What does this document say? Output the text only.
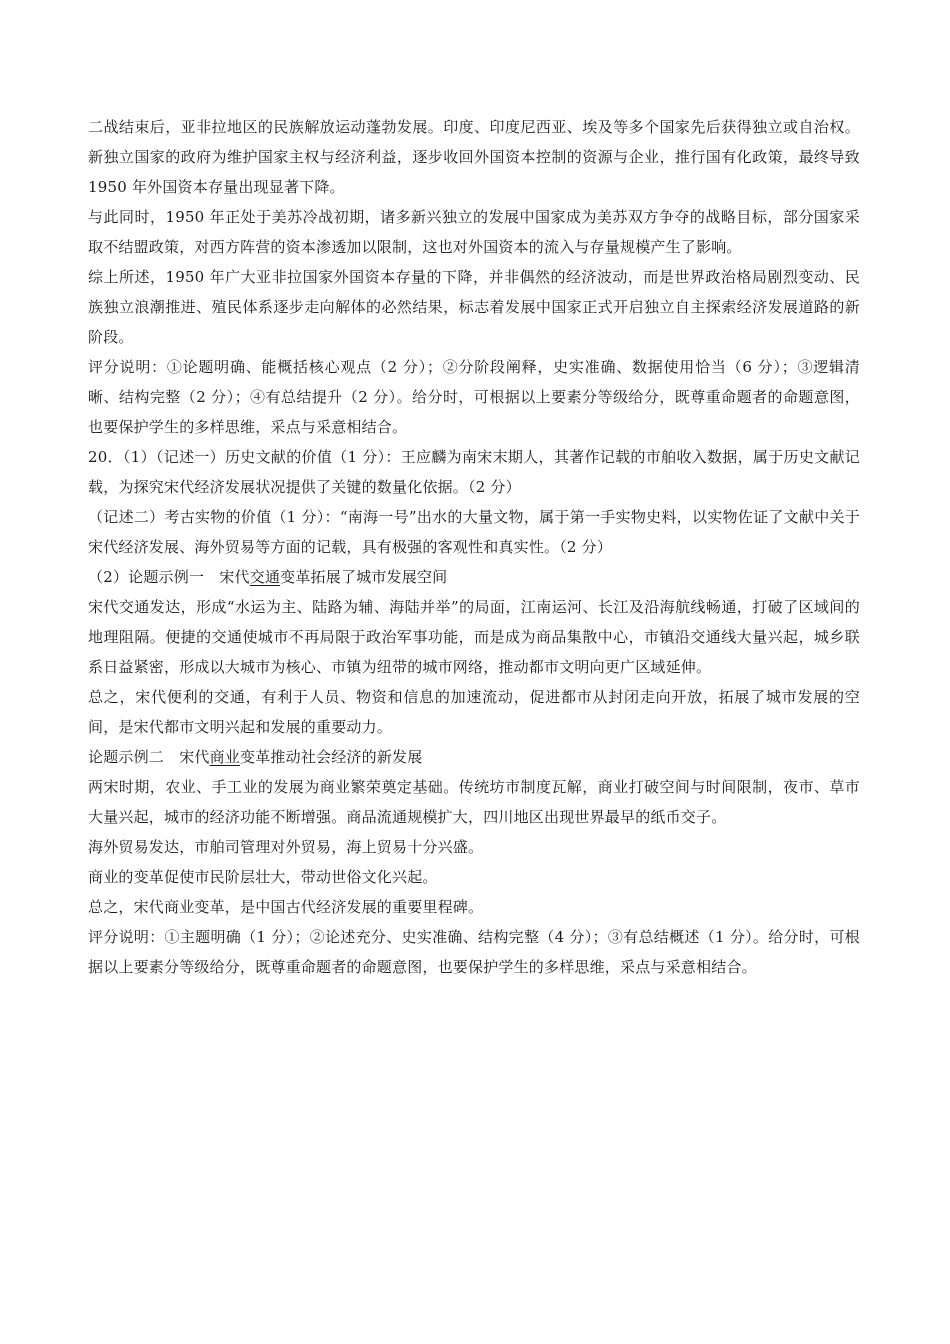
二战结束后，亚非拉地区的民族解放运动蓬勃发展。印度、印度尼西亚、埃及等多个国家先后获得独立或自治权。新独立国家的政府为维护国家主权与经济利益，逐步收回外国资本控制的资源与企业，推行国有化政策，最终导致 1950 年外国资本存量出现显著下降。

与此同时，1950 年正处于美苏冷战初期，诸多新兴独立的发展中国家成为美苏双方争夺的战略目标，部分国家采取不结盟政策，对西方阵营的资本渗透加以限制，这也对外国资本的流入与存量规模产生了影响。

综上所述，1950 年广大亚非拉国家外国资本存量的下降，并非偶然的经济波动，而是世界政治格局剧烈变动、民族独立浪潮推进、殖民体系逐步走向解体的必然结果，标志着发展中国家正式开启独立自主探索经济发展道路的新阶段。

评分说明：①论题明确、能概括核心观点（2 分）；②分阶段阐释，史实准确、数据使用恰当（6 分）；③逻辑清晰、结构完整（2 分）；④有总结提升（2 分）。给分时，可根据以上要素分等级给分，既尊重命题者的命题意图，也要保护学生的多样思维，采点与采意相结合。

20．（1）（记述一）历史文献的价值（1 分）：王应麟为南宋末期人，其著作记载的市舶收入数据，属于历史文献记载，为探究宋代经济发展状况提供了关键的数量化依据。（2 分）

（记述二）考古实物的价值（1 分）：“南海一号”出水的大量文物，属于第一手实物史料，以实物佐证了文献中关于宋代经济发展、海外贸易等方面的记载，具有极强的客观性和真实性。（2 分）

（2）论题示例一　宋代交通变革拓展了城市发展空间

宋代交通发达，形成“水运为主、陆路为辅、海陆并举”的局面，江南运河、长江及沿海航线畅通，打破了区域间的地理阻隔。便捷的交通使城市不再局限于政治军事功能，而是成为商品集散中心，市镇沿交通线大量兴起，城乡联系日益紧密，形成以大城市为核心、市镇为纽带的城市网络，推动都市文明向更广区域延伸。

总之，宋代便利的交通，有利于人员、物资和信息的加速流动，促进都市从封闭走向开放，拓展了城市发展的空间，是宋代都市文明兴起和发展的重要动力。

论题示例二　宋代商业变革推动社会经济的新发展

两宋时期，农业、手工业的发展为商业繁荣奠定基础。传统坊市制度瓦解，商业打破空间与时间限制，夜市、草市大量兴起，城市的经济功能不断增强。商品流通规模扩大，四川地区出现世界最早的纸币交子。

海外贸易发达，市舶司管理对外贸易，海上贸易十分兴盛。

商业的变革促使市民阶层壮大，带动世俗文化兴起。

总之，宋代商业变革，是中国古代经济发展的重要里程碑。

评分说明：①主题明确（1 分）；②论述充分、史实准确、结构完整（4 分）；③有总结概述（1 分）。给分时，可根据以上要素分等级给分，既尊重命题者的命题意图，也要保护学生的多样思维，采点与采意相结合。
